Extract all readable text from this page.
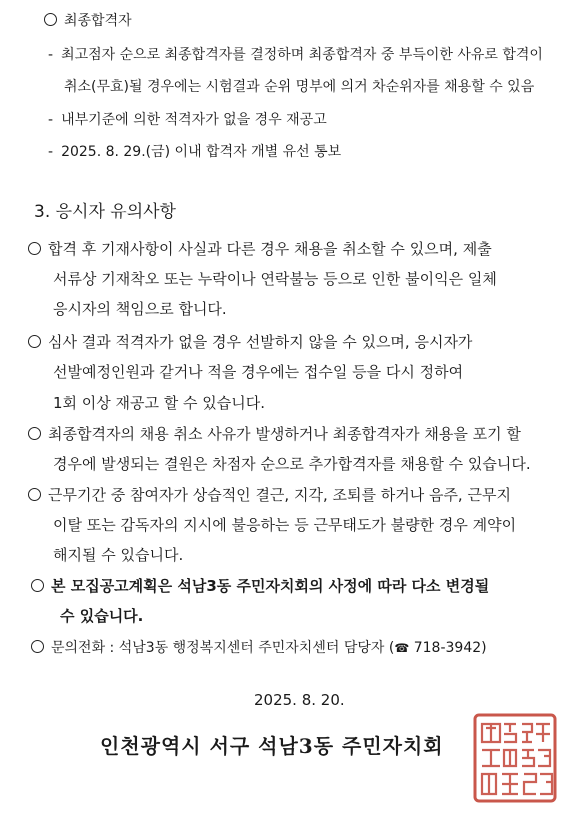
최종합격자
- 최고점자 순으로 최종합격자를 결정하며 최종합격자 중 부득이한 사유로 합격이
취소(무효)될 경우에는 시험결과 순위 명부에 의거 차순위자를 채용할 수 있음
- 내부기준에 의한 적격자가 없을 경우 재공고
- 2025. 8. 29.(금) 이내 합격자 개별 유선 통보
3. 응시자 유의사항
합격 후 기재사항이 사실과 다른 경우 채용을 취소할 수 있으며, 제출
서류상 기재착오 또는 누락이나 연락불능 등으로 인한 불이익은 일체
응시자의 책임으로 합니다.
심사 결과 적격자가 없을 경우 선발하지 않을 수 있으며, 응시자가
선발예정인원과 같거나 적을 경우에는 접수일 등을 다시 정하여
1회 이상 재공고 할 수 있습니다.
최종합격자의 채용 취소 사유가 발생하거나 최종합격자가 채용을 포기 할
경우에 발생되는 결원은 차점자 순으로 추가합격자를 채용할 수 있습니다.
근무기간 중 참여자가 상습적인 결근, 지각, 조퇴를 하거나 음주, 근무지
이탈 또는 감독자의 지시에 불응하는 등 근무태도가 불량한 경우 계약이
해지될 수 있습니다.
본 모집공고계획은 석남3동 주민자치회의 사정에 따라 다소 변경될
수 있습니다.
문의전화 : 석남3동 행정복지센터 주민자치센터 담당자 (☎ 718-3942)
2025. 8. 20.
인천광역시 서구 석남3동 주민자치회
